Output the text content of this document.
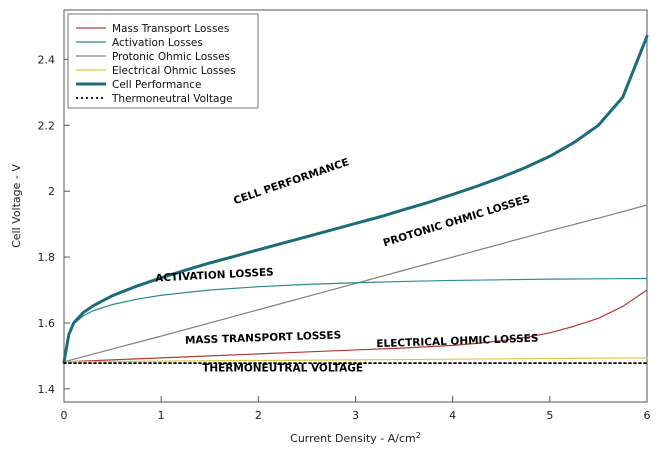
0	1	2	3	4	5	6
1.4
1.6
1.8
2
2.2
2.4
Cell Voltage - V
Current Density - $A/cm^2$
CELL PERFORMANCE
PROTONIC OHMIC LOSSES
ACTIVATION LOSSES
MASS TRANSPORT LOSSES	ELECTRICAL OHMIC LOSSES
THERMONEUTRAL VOLTAGE
Mass Transport Losses
Activation Losses
Protonic Ohmic Losses
Electrical Ohmic Losses
Cell Performance
Thermoneutral Voltage
